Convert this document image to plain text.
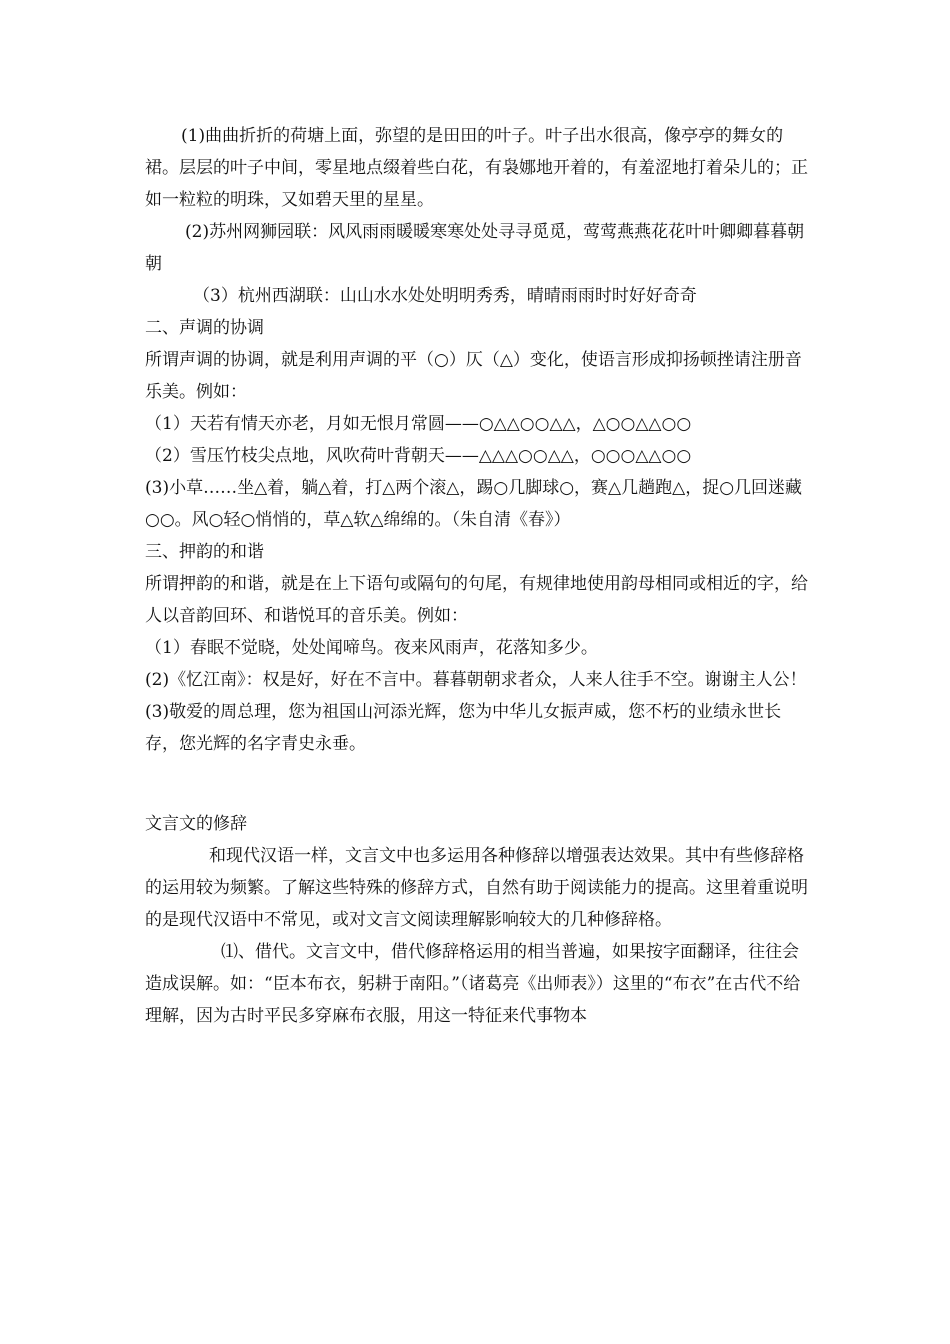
(1)曲曲折折的荷塘上面，弥望的是田田的叶子。叶子出水很高，像亭亭的舞女的裙。层层的叶子中间，零星地点缀着些白花，有袅娜地开着的，有羞涩地打着朵儿的；正如一粒粒的明珠，又如碧天里的星星。

(2)苏州网狮园联：风风雨雨暖暖寒寒处处寻寻觅觅，莺莺燕燕花花叶叶卿卿暮暮朝朝

（3）杭州西湖联：山山水水处处明明秀秀，晴晴雨雨时时好好奇奇

二、声调的协调

所谓声调的协调，就是利用声调的平（○）仄（△）变化，使语言形成抑扬顿挫请注册音乐美。例如：

（1）天若有情天亦老，月如无恨月常圆——○△△○○△△，△○○△△○○

（2）雪压竹枝尖点地，风吹荷叶背朝天——△△△○○△△，○○○△△○○

(3)小草……坐△着，躺△着，打△两个滚△，踢○几脚球○，赛△几趟跑△，捉○几回迷藏○○。风○轻○悄悄的，草△软△绵绵的。（朱自清《春》）

三、押韵的和谐

所谓押韵的和谐，就是在上下语句或隔句的句尾，有规律地使用韵母相同或相近的字，给人以音韵回环、和谐悦耳的音乐美。例如：

（1）春眠不觉晓，处处闻啼鸟。夜来风雨声，花落知多少。

(2)《忆江南》：权是好，好在不言中。暮暮朝朝求者众，人来人往手不空。谢谢主人公！

(3)敬爱的周总理，您为祖国山河添光辉，您为中华儿女振声威，您不朽的业绩永世长存，您光辉的名字青史永垂。

文言文的修辞

和现代汉语一样，文言文中也多运用各种修辞以增强表达效果。其中有些修辞格的运用较为频繁。了解这些特殊的修辞方式，自然有助于阅读能力的提高。这里着重说明的是现代汉语中不常见，或对文言文阅读理解影响较大的几种修辞格。

⑴、借代。文言文中，借代修辞格运用的相当普遍，如果按字面翻译，往往会造成误解。如：“臣本布衣，躬耕于南阳。”（诸葛亮《出师表》）这里的“布衣”在古代不给理解，因为古时平民多穿麻布衣服，用这一特征来代事物本
